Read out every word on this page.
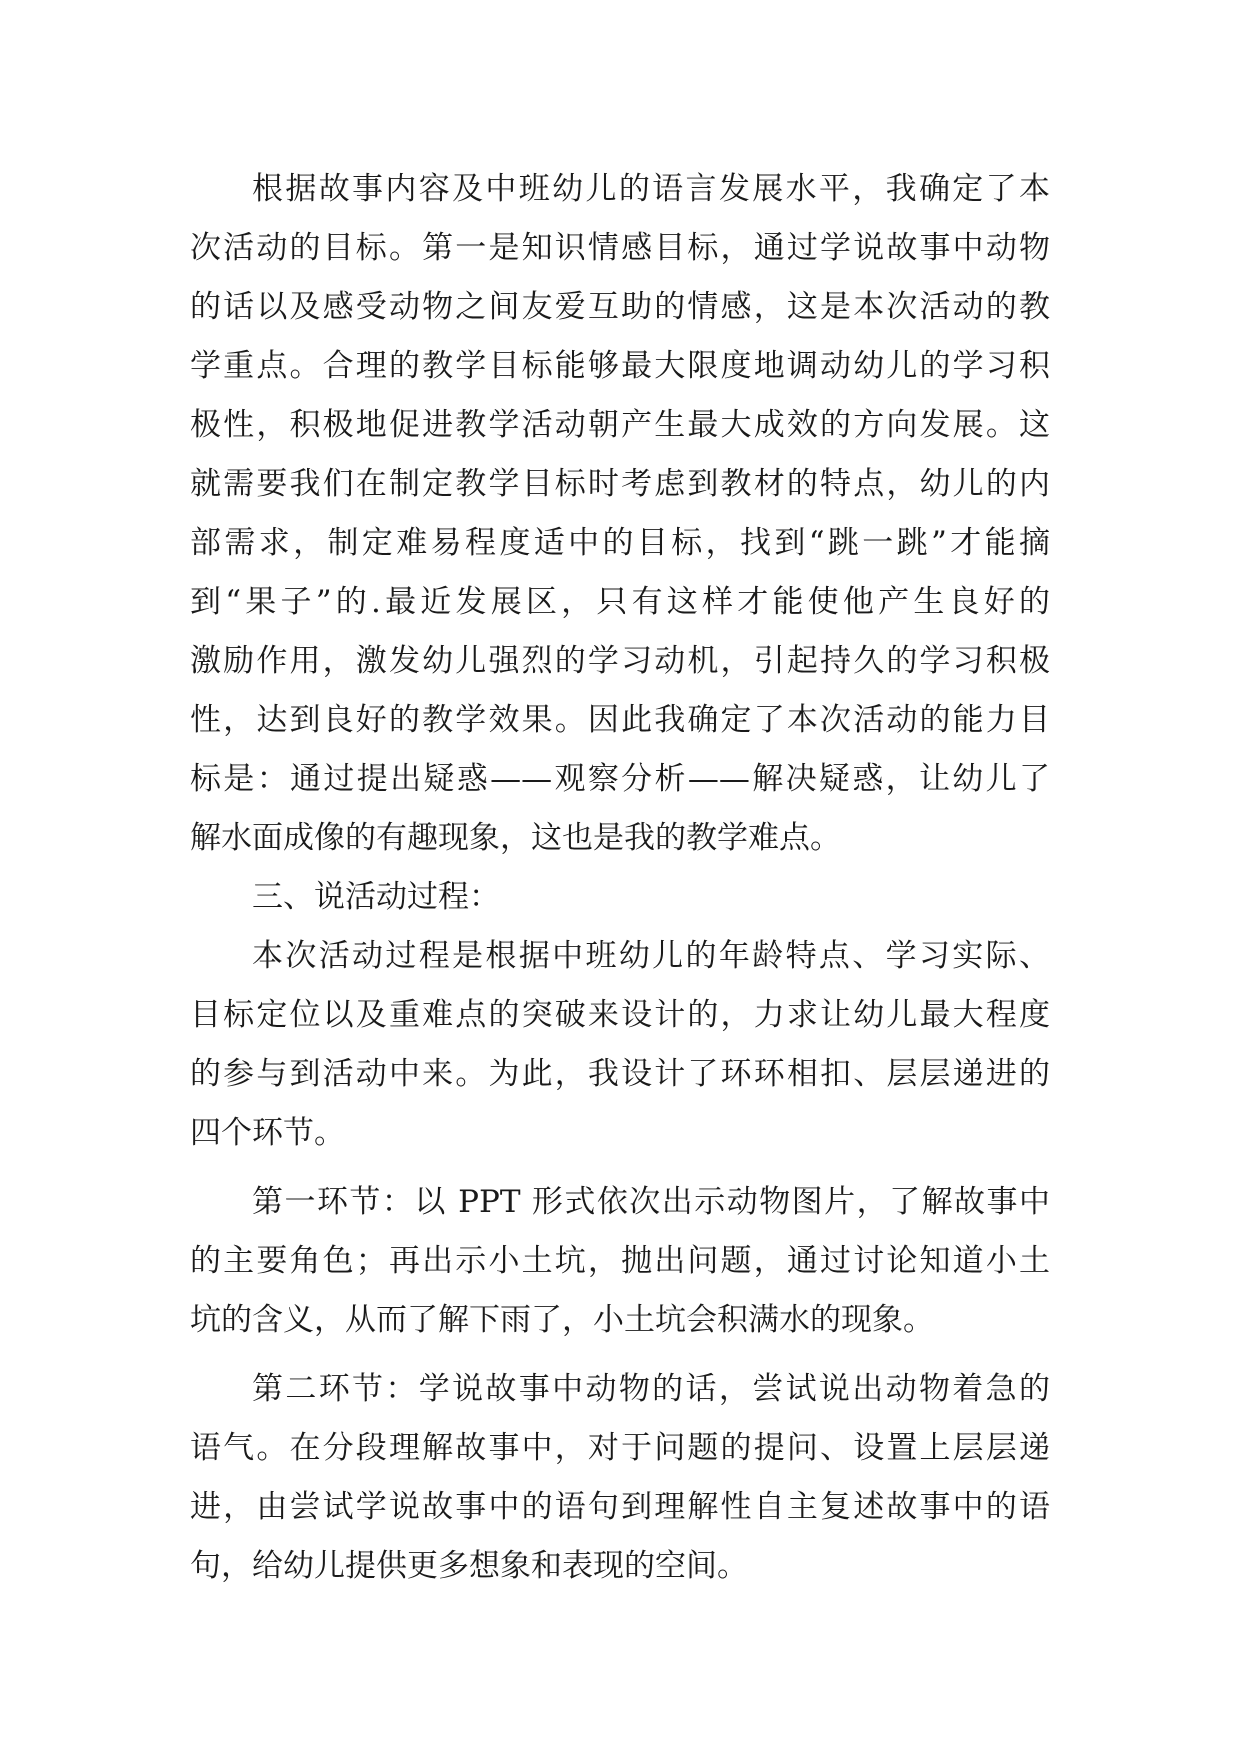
根据故事内容及中班幼儿的语言发展水平，我确定了本
次活动的目标。第一是知识情感目标，通过学说故事中动物
的话以及感受动物之间友爱互助的情感，这是本次活动的教
学重点。合理的教学目标能够最大限度地调动幼儿的学习积
极性，积极地促进教学活动朝产生最大成效的方向发展。这
就需要我们在制定教学目标时考虑到教材的特点，幼儿的内
部需求，制定难易程度适中的目标，找到“跳一跳”才能摘
到“果子”的.最近发展区，只有这样才能使他产生良好的
激励作用，激发幼儿强烈的学习动机，引起持久的学习积极
性，达到良好的教学效果。因此我确定了本次活动的能力目
标是：通过提出疑惑——观察分析——解决疑惑，让幼儿了
解水面成像的有趣现象，这也是我的教学难点。
三、说活动过程：
本次活动过程是根据中班幼儿的年龄特点、学习实际、
目标定位以及重难点的突破来设计的，力求让幼儿最大程度
的参与到活动中来。为此，我设计了环环相扣、层层递进的
四个环节。
第一环节：以 PPT 形式依次出示动物图片，了解故事中
的主要角色；再出示小土坑，抛出问题，通过讨论知道小土
坑的含义，从而了解下雨了，小土坑会积满水的现象。
第二环节：学说故事中动物的话，尝试说出动物着急的
语气。在分段理解故事中，对于问题的提问、设置上层层递
进，由尝试学说故事中的语句到理解性自主复述故事中的语
句，给幼儿提供更多想象和表现的空间。
